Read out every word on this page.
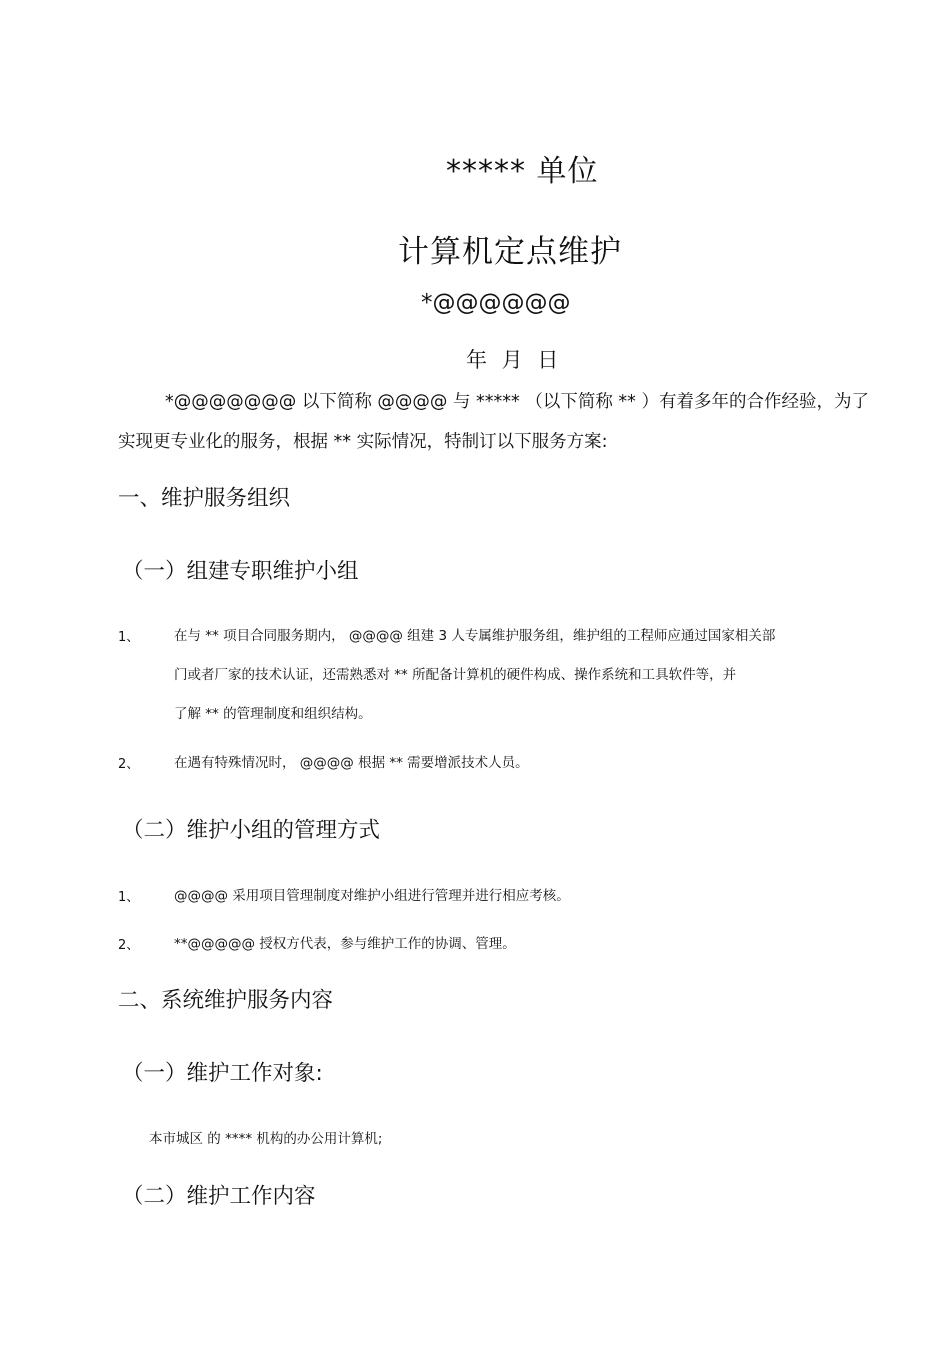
***** 单位
计算机定点维护
*@@@@@@
年 月 日
*@@@@@@@ 以下简称 @@@@ 与 ***** （以下简称 ** ）有着多年的合作经验，为了
实现更专业化的服务，根据 ** 实际情况，特制订以下服务方案:
一、维护服务组织
（一）组建专职维护小组
1、	在与 ** 项目合同服务期内， @@@@ 组建 3 人专属维护服务组，维护组的工程师应通过国家相关部
门或者厂家的技术认证，还需熟悉对 ** 所配备计算机的硬件构成、操作系统和工具软件等，并
了解 ** 的管理制度和组织结构。
2、	在遇有特殊情况时， @@@@ 根据 ** 需要增派技术人员。
（二）维护小组的管理方式
1、	@@@@ 采用项目管理制度对维护小组进行管理并进行相应考核。
2、	**@@@@@ 授权方代表，参与维护工作的协调、管理。
二、系统维护服务内容
（一）维护工作对象:
本市城区 的 **** 机构的办公用计算机;
（二）维护工作内容
